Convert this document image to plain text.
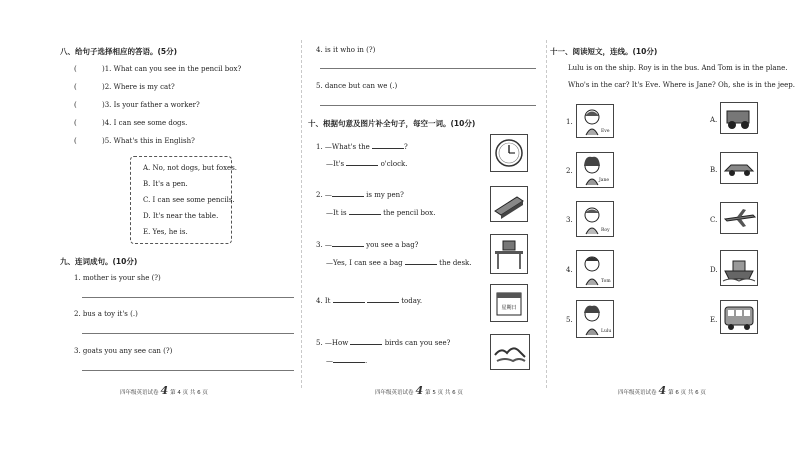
八、给句子选择相应的答语。(5分)
(	)1. What can you see in the pencil box?
(	)2. Where is my cat?
(	)3. Is your father a worker?
(	)4. I can see some dogs.
(	)5. What's this in English?
A. No, not dogs, but foxes.
B. It's a pen.
C. I can see some pencils.
D. It's near the table.
E. Yes, he is.
九、连词成句。(10分)
1. mother is your she (?)
2. bus a toy it's (.)
3. goats you any see can (?)
四年级英语试卷 4 第 4 页 共 6 页
4. is it who in (?)
5. dance but can we (.)
十、根据句意及图片补全句子，每空一词。(10分)
1. —What's the	?
—It's	o'clock.
2. —	is my pen?
—It is	the pencil box.
3. —	you see a bag?
—Yes, I can see a bag	the desk.
4. It	today.
星期日
5. —How	birds can you see?
—	.
四年级英语试卷 4 第 5 页 共 6 页
十一、阅读短文，连线。(10分)
Lulu is on the ship. Roy is in the bus. And Tom is in the plane.
Who's in the car? It's Eve. Where is Jane? Oh, she is in the jeep.
1.
Eve
2.
Jane
3.
Roy
4.
Tom
5.
Lulu
A.
B.
C.
D.
E.
四年级英语试卷 4 第 6 页 共 6 页
